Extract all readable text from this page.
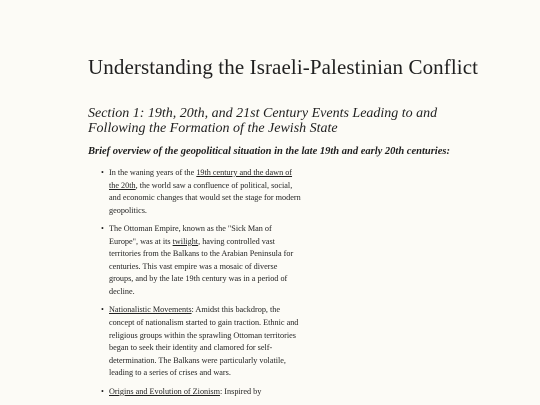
Understanding the Israeli-Palestinian Conflict
Section 1: 19th, 20th, and 21st Century Events Leading to and Following the Formation of the Jewish State

Brief overview of the geopolitical situation in the late 19th and early 20th centuries:

• In the waning years of the 19th century and the dawn of the 20th, the world saw a confluence of political, social, and economic changes that would set the stage for modern geopolitics.
• The Ottoman Empire, known as the "Sick Man of Europe", was at its twilight, having controlled vast territories from the Balkans to the Arabian Peninsula for centuries. This vast empire was a mosaic of diverse groups, and by the late 19th century was in a period of decline.
• Nationalistic Movements: Amidst this backdrop, the concept of nationalism started to gain traction. Ethnic and religious groups within the sprawling Ottoman territories began to seek their identity and clamored for self-determination. The Balkans were particularly volatile, leading to a series of crises and wars.
• Origins and Evolution of Zionism: Inspired by
